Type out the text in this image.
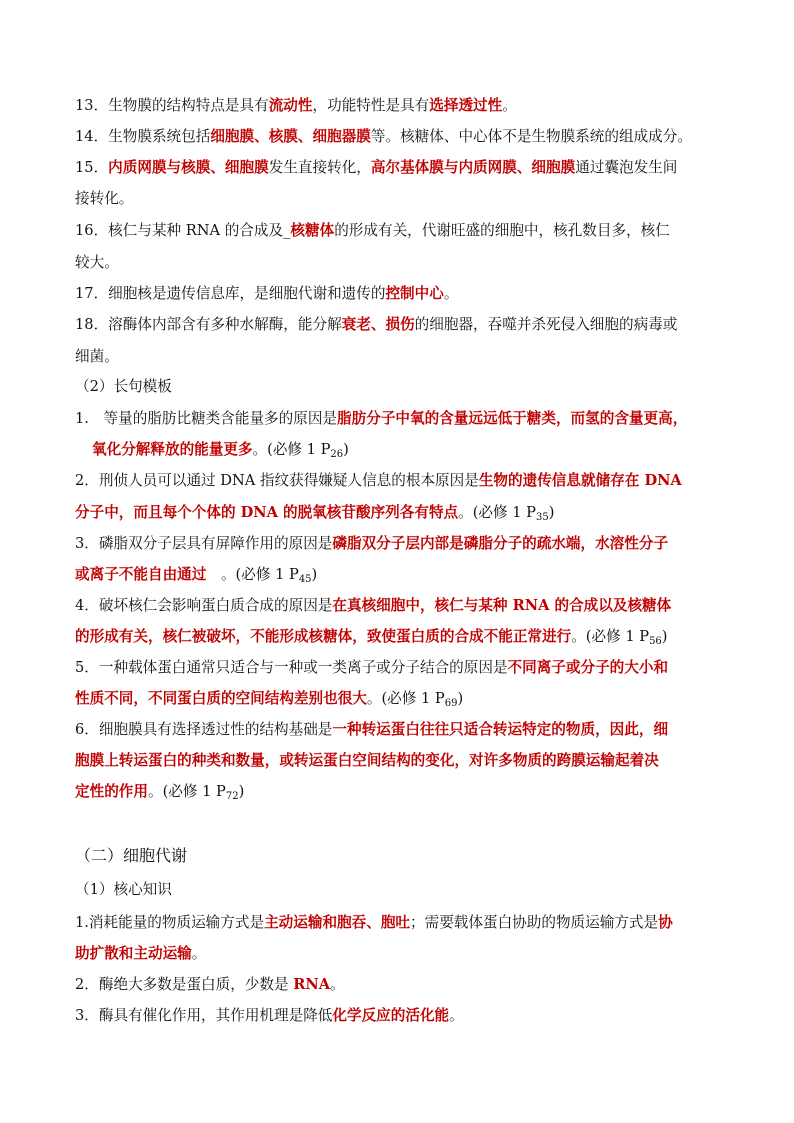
13．生物膜的结构特点是具有流动性，功能特性是具有选择透过性。
14．生物膜系统包括细胞膜、核膜、细胞器膜等。核糖体、中心体不是生物膜系统的组成成分。
15．内质网膜与核膜、细胞膜发生直接转化，高尔基体膜与内质网膜、细胞膜通过囊泡发生间
接转化。
16．核仁与某种 RNA 的合成及_核糖体的形成有关，代谢旺盛的细胞中，核孔数目多，核仁
较大。
17．细胞核是遗传信息库，是细胞代谢和遗传的控制中心。
18．溶酶体内部含有多种水解酶，能分解衰老、损伤的细胞器，吞噬并杀死侵入细胞的病毒或
细菌。
（2）长句模板
1.　等量的脂肪比糖类含能量多的原因是脂肪分子中氧的含量远远低于糖类，而氢的含量更高，
氧化分解释放的能量更多。(必修 1 $P_{26}$)
2．刑侦人员可以通过 DNA 指纹获得嫌疑人信息的根本原因是生物的遗传信息就储存在 DNA
分子中，而且每个个体的 DNA 的脱氧核苷酸序列各有特点。(必修 1 $P_{35}$)
3．磷脂双分子层具有屏障作用的原因是磷脂双分子层内部是磷脂分子的疏水端，水溶性分子
或离子不能自由通过　。(必修 1 $P_{45}$)
4．破坏核仁会影响蛋白质合成的原因是在真核细胞中，核仁与某种 RNA 的合成以及核糖体
的形成有关，核仁被破坏，不能形成核糖体，致使蛋白质的合成不能正常进行。(必修 1 $P_{56}$)
5．一种载体蛋白通常只适合与一种或一类离子或分子结合的原因是不同离子或分子的大小和
性质不同，不同蛋白质的空间结构差别也很大。(必修 1 $P_{69}$)
6．细胞膜具有选择透过性的结构基础是一种转运蛋白往往只适合转运特定的物质，因此，细
胞膜上转运蛋白的种类和数量，或转运蛋白空间结构的变化，对许多物质的跨膜运输起着决
定性的作用。(必修 1 $P_{72}$)
（二）细胞代谢
（1）核心知识
1.消耗能量的物质运输方式是主动运输和胞吞、胞吐；需要载体蛋白协助的物质运输方式是协
助扩散和主动运输。
2．酶绝大多数是蛋白质，少数是 RNA。
3．酶具有催化作用，其作用机理是降低化学反应的活化能。
